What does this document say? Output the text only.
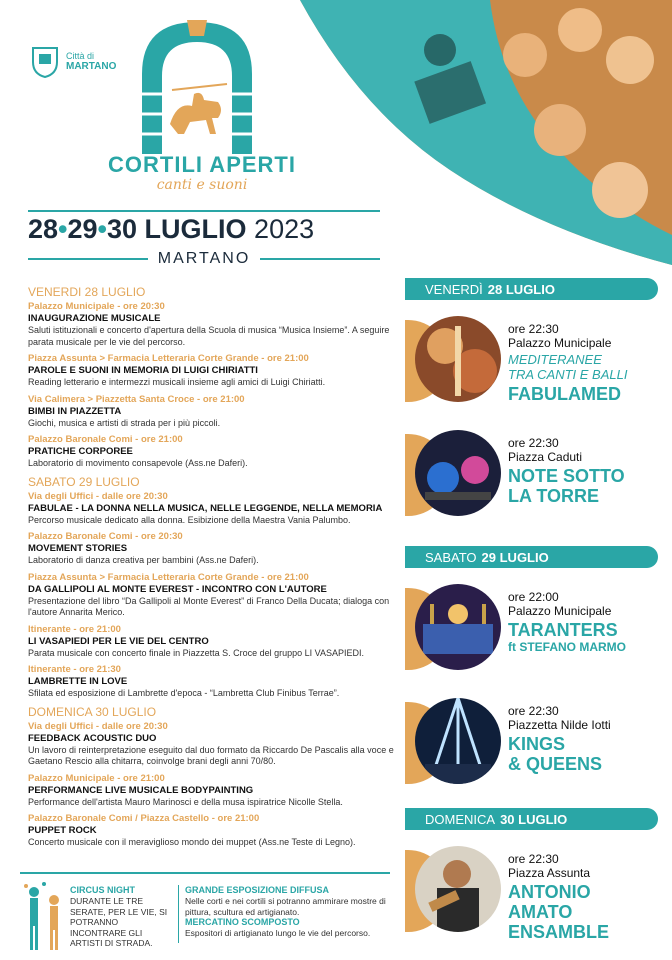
Città di
MARTANO
CORTILI APERTI
canti e suoni
28•29•30 LUGLIO 2023
MARTANO
VENERDI 28 LUGLIO
Palazzo Municipale - ore 20:30
INAUGURAZIONE MUSICALE
Saluti istituzionali e concerto d'apertura della Scuola di musica “Musica Insieme”. A seguire parata musicale per le vie del percorso.
Piazza Assunta > Farmacia Letteraria Corte Grande - ore 21:00
PAROLE E SUONI IN MEMORIA DI LUIGI CHIRIATTI
Reading letterario e intermezzi musicali insieme agli amici di Luigi Chiriatti.
Via Calimera > Piazzetta Santa Croce - ore 21:00
BIMBI IN PIAZZETTA
Giochi, musica e artisti di strada per i più piccoli.
Palazzo Baronale Comi - ore 21:00
PRATICHE CORPOREE
Laboratorio di movimento consapevole (Ass.ne Daferi).
SABATO 29 LUGLIO
Via degli Uffici - dalle ore 20:30
FABULAE - LA DONNA NELLA MUSICA, NELLE LEGGENDE, NELLA MEMORIA
Percorso musicale dedicato alla donna. Esibizione della Maestra Vania Palumbo.
Palazzo Baronale Comi - ore 20:30
MOVEMENT STORIES
Laboratorio di danza creativa per bambini (Ass.ne Daferi).
Piazza Assunta > Farmacia Letteraria Corte Grande - ore 21:00
DA GALLIPOLI AL MONTE EVEREST - INCONTRO CON L'AUTORE
Presentazione del libro “Da Gallipoli al Monte Everest” di Franco Della Ducata; dialoga con l'autore Annarita Merico.
Itinerante - ore 21:00
LI VASAPIEDI PER LE VIE DEL CENTRO
Parata musicale con concerto finale in Piazzetta S. Croce del gruppo LI VASAPIEDI.
Itinerante - ore 21:30
LAMBRETTE IN LOVE
Sfilata ed esposizione di Lambrette d'epoca - “Lambretta Club Finibus Terrae”.
DOMENICA 30 LUGLIO
Via degli Uffici - dalle ore 20:30
FEEDBACK ACOUSTIC DUO
Un lavoro di reinterpretazione eseguito dal duo formato da Riccardo De Pascalis alla voce e Gaetano Rescio alla chitarra, coinvolge brani degli anni 70/80.
Palazzo Municipale - ore 21:00
PERFORMANCE LIVE MUSICALE BODYPAINTING
Performance dell'artista Mauro Marinosci e della musa ispiratrice Nicolle Stella.
Palazzo Baronale Comi / Piazza Castello - ore 21:00
PUPPET ROCK
Concerto musicale con il meraviglioso mondo dei muppet (Ass.ne Teste di Legno).
VENERDÌ 28 LUGLIO
ore 22:30
Palazzo Municipale
MEDITERANEE
TRA CANTI E BALLI
FABULAMED
ore 22:30
Piazza Caduti
NOTE SOTTO
LA TORRE
SABATO 29 LUGLIO
ore 22:00
Palazzo Municipale
TARANTERS
ft STEFANO MARMO
ore 22:30
Piazzetta Nilde Iotti
KINGS
& QUEENS
DOMENICA 30 LUGLIO
ore 22:30
Piazza Assunta
ANTONIO
AMATO
ENSAMBLE
CIRCUS NIGHT
DURANTE LE TRE SERATE, PER LE VIE, SI POTRANNO INCONTRARE GLI ARTISTI DI STRADA.
GRANDE ESPOSIZIONE DIFFUSA
Nelle corti e nei cortili si potranno ammirare mostre di pittura, scultura ed artigianato.
MERCATINO SCOMPOSTO
Espositori di artigianato lungo le vie del percorso.
